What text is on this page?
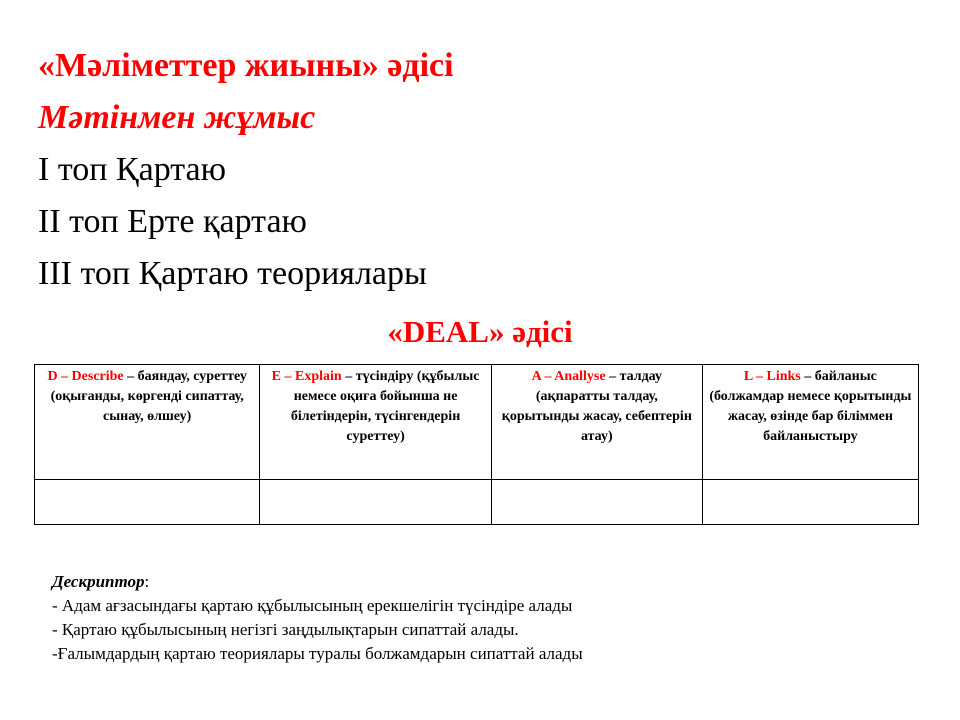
«Мәліметтер жиыны» әдісі
Мәтінмен жұмыс
I топ Қартаю
II топ Ерте қартаю
III топ Қартаю теориялары
«DEAL» әдісі
D – Describe – баяндау, суреттеу (оқығанды, көргенді сипаттау, сынау, өлшеу)	E – Explain – түсіндіру (құбылыс немесе оқиға бойынша не білетіндерін, түсінгендерін суреттеу)	A – Anallyse – талдау (ақпаратты талдау, қорытынды жасау, себептерін атау)	L – Links – байланыс (болжамдар немесе қорытынды жасау, өзінде бар біліммен байланыстыру

Дескриптор:
- Адам ағзасындағы қартаю құбылысының ерекшелігін түсіндіре алады
- Қартаю құбылысының негізгі заңдылықтарын сипаттай алады.
-Ғалымдардың қартаю теориялары туралы болжамдарын сипаттай алады
